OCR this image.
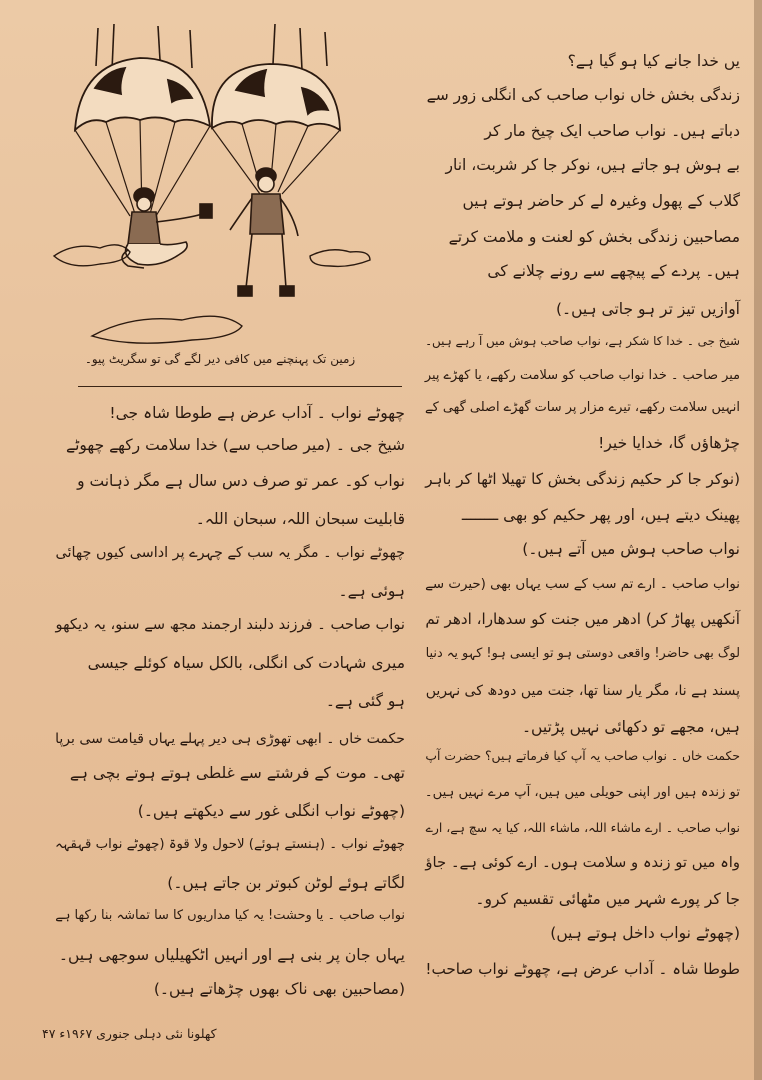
زمین تک پہنچنے میں کافی دیر لگے گی تو سگریٹ پیو۔
چھوٹے نواب ۔ آداب عرض ہے طوطا شاہ جی!
شیخ جی ۔ (میر صاحب سے) خدا سلامت رکھے چھوٹے
نواب کو۔ عمر تو صرف دس سال ہے مگر ذہانت و
قابلیت سبحان اللہ، سبحان اللہ۔
چھوٹے نواب ۔ مگر یہ سب کے چہرے پر اداسی کیوں چھائی
ہوئی ہے۔
نواب صاحب ۔ فرزند دلبند ارجمند مجھ سے سنو، یہ دیکھو
میری شہادت کی انگلی، بالکل سیاہ کوئلے جیسی
ہو گئی ہے۔
حکمت خاں ۔ ابھی تھوڑی ہی دیر پہلے یہاں قیامت سی برپا
تھی۔ موت کے فرشتے سے غلطی ہوتے ہوتے بچی ہے
(چھوٹے نواب انگلی غور سے دیکھتے ہیں۔)
چھوٹے نواب ۔ (ہنستے ہوئے) لاحول ولا قوۃ (چھوٹے نواب قہقہہ
لگاتے ہوئے لوٹن کبوتر بن جاتے ہیں۔)
نواب صاحب ۔ یا وحشت! یہ کیا مداریوں کا سا تماشہ بنا رکھا ہے
یہاں جان پر بنی ہے اور انہیں اٹکھیلیاں سوجھی ہیں۔
(مصاحبین بھی ناک بھوں چڑھاتے ہیں۔)
یں خدا جانے کیا ہو گیا ہے؟
زندگی بخش خاں نواب صاحب کی انگلی زور سے
دباتے ہیں۔ نواب صاحب ایک چیخ مار کر
بے ہوش ہو جاتے ہیں، نوکر جا کر شربت، انار
گلاب کے پھول وغیرہ لے کر حاضر ہوتے ہیں
مصاحبین زندگی بخش کو لعنت و ملامت کرتے
ہیں۔ پردے کے پیچھے سے رونے چلانے کی
آوازیں تیز تر ہو جاتی ہیں۔)
شیخ جی ۔ خدا کا شکر ہے، نواب صاحب ہوش میں آ رہے ہیں۔
میر صاحب ۔ خدا نواب صاحب کو سلامت رکھے، یا کھڑے پیر
انہیں سلامت رکھے، تیرے مزار پر سات گھڑے اصلی گھی کے
چڑھاؤں گا، خدایا خیر!
(نوکر جا کر حکیم زندگی بخش کا تھیلا اٹھا کر باہر
پھینک دیتے ہیں، اور پھر حکیم کو بھی ــــــــ
نواب صاحب ہوش میں آتے ہیں۔)
نواب صاحب ۔ ارے تم سب کے سب یہاں بھی (حیرت سے
آنکھیں پھاڑ کر) ادھر میں جنت کو سدھارا، ادھر تم
لوگ بھی حاضر! واقعی دوستی ہو تو ایسی ہو! کہو یہ دنیا
پسند ہے نا، مگر یار سنا تھا، جنت میں دودھ کی نہریں
ہیں، مجھے تو دکھائی نہیں پڑتیں۔
حکمت خاں ۔ نواب صاحب یہ آپ کیا فرماتے ہیں؟ حضرت آپ
تو زندہ ہیں اور اپنی حویلی میں ہیں، آپ مرے نہیں ہیں۔
نواب صاحب ۔ ارے ماشاء اللہ، ماشاء اللہ، کیا یہ سچ ہے، ارے
واہ میں تو زندہ و سلامت ہوں۔ ارے کوئی ہے۔ جاؤ
جا کر پورے شہر میں مٹھائی تقسیم کرو۔
(چھوٹے نواب داخل ہوتے ہیں)
طوطا شاہ ۔ آداب عرض ہے، چھوٹے نواب صاحب!
کھلونا نئی دہلی جنوری ۱۹۶۷ء ۴۷
